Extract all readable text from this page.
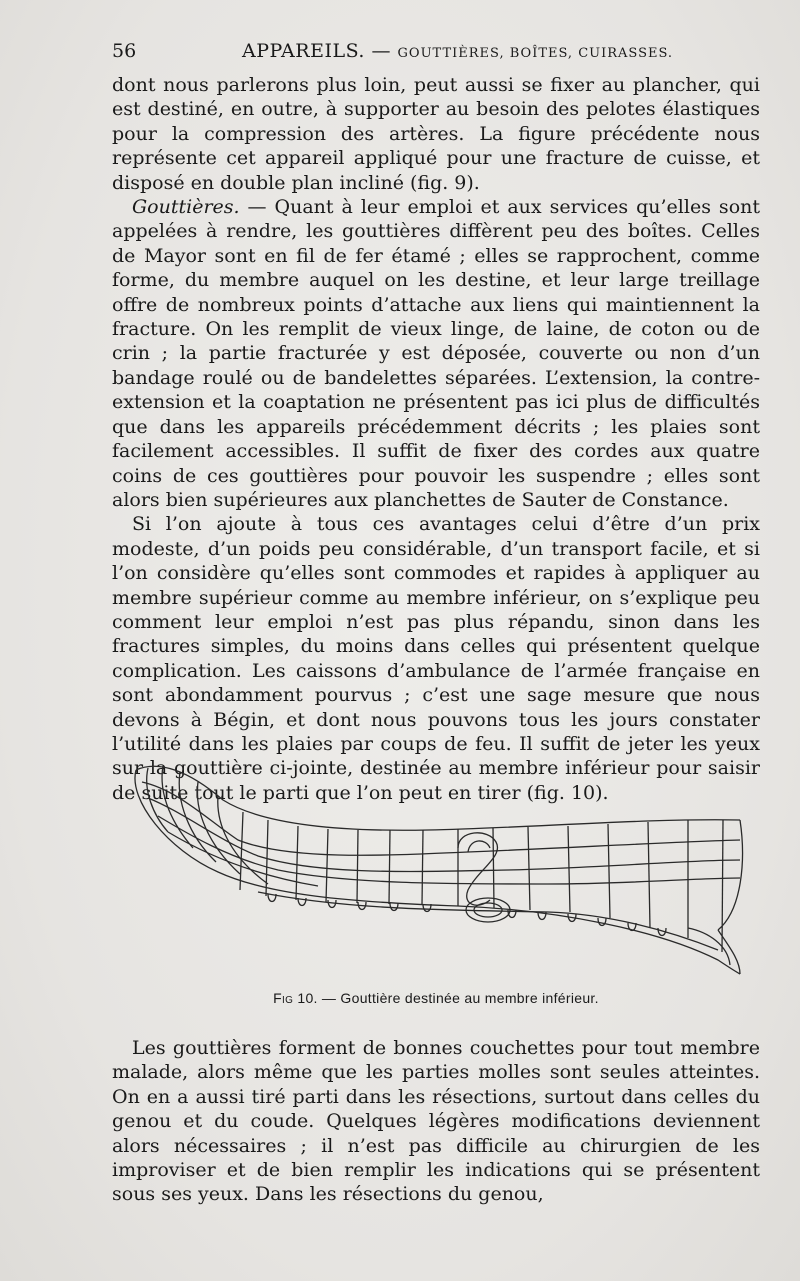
56	APPAREILS. — GOUTTIÈRES, BOÎTES, CUIRASSES.

dont nous parlerons plus loin, peut aussi se fixer au plancher, qui est destiné, en outre, à supporter au besoin des pelotes élastiques pour la compression des artères. La figure précédente nous représente cet appareil appliqué pour une fracture de cuisse, et disposé en double plan incliné (fig. 9).

Gouttières. — Quant à leur emploi et aux services qu’elles sont appelées à rendre, les gouttières diffèrent peu des boîtes. Celles de Mayor sont en fil de fer étamé ; elles se rapprochent, comme forme, du membre auquel on les destine, et leur large treillage offre de nombreux points d’attache aux liens qui maintiennent la fracture. On les remplit de vieux linge, de laine, de coton ou de crin ; la partie fracturée y est déposée, couverte ou non d’un bandage roulé ou de bandelettes séparées. L’extension, la contre-extension et la coaptation ne présentent pas ici plus de difficultés que dans les appareils précédemment décrits ; les plaies sont facilement accessibles. Il suffit de fixer des cordes aux quatre coins de ces gouttières pour pouvoir les suspendre ; elles sont alors bien supérieures aux planchettes de Sauter de Constance.

Si l’on ajoute à tous ces avantages celui d’être d’un prix modeste, d’un poids peu considérable, d’un transport facile, et si l’on considère qu’elles sont commodes et rapides à appliquer au membre supérieur comme au membre inférieur, on s’explique peu comment leur emploi n’est pas plus répandu, sinon dans les fractures simples, du moins dans celles qui présentent quelque complication. Les caissons d’ambulance de l’armée française en sont abondamment pourvus ; c’est une sage mesure que nous devons à Bégin, et dont nous pouvons tous les jours constater l’utilité dans les plaies par coups de feu. Il suffit de jeter les yeux sur la gouttière ci-jointe, destinée au membre inférieur pour saisir de suite tout le parti que l’on peut en tirer (fig. 10).

Fig 10. — Gouttière destinée au membre inférieur.

Les gouttières forment de bonnes couchettes pour tout membre malade, alors même que les parties molles sont seules atteintes. On en a aussi tiré parti dans les résections, surtout dans celles du genou et du coude. Quelques légères modifications deviennent alors nécessaires ; il n’est pas difficile au chirurgien de les improviser et de bien remplir les indications qui se présentent sous ses yeux. Dans les résections du genou,
